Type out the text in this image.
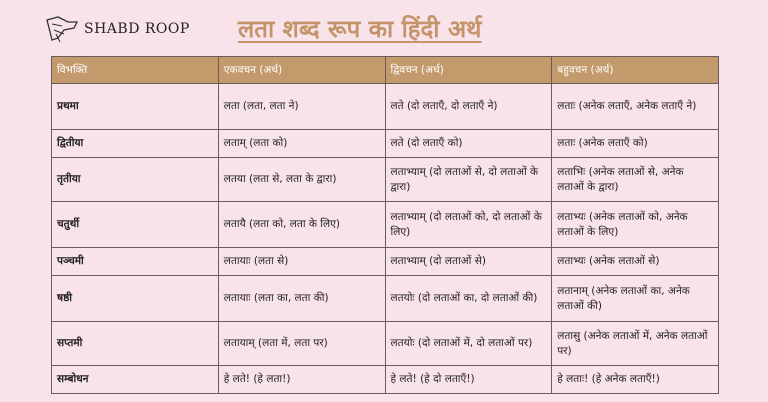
SHABD ROOP लता शब्द रूप का हिंदी अर्थ
विभक्ति	एकवचन (अर्थ)	द्विवचन (अर्थ)	बहुवचन (अर्थ)
प्रथमा	लता (लता, लता ने)	लते (दो लताएँ, दो लताएँ ने)	लताः (अनेक लताएँ, अनेक लताएँ ने)
द्वितीया	लताम् (लता को)	लते (दो लताएँ को)	लताः (अनेक लताएँ को)
तृतीया	लतया (लता से, लता के द्वारा)	लताभ्याम् (दो लताओं से, दो लताओं के द्वारा)	लताभिः (अनेक लताओं से, अनेक लताओं के द्वारा)
चतुर्थी	लतायै (लता को, लता के लिए)	लताभ्याम् (दो लताओं को, दो लताओं के लिए)	लताभ्यः (अनेक लताओं को, अनेक लताओं के लिए)
पञ्चमी	लतायाः (लता से)	लताभ्याम् (दो लताओं से)	लताभ्यः (अनेक लताओं से)
षष्ठी	लतायाः (लता का, लता की)	लतयोः (दो लताओं का, दो लताओं की)	लतानाम् (अनेक लताओं का, अनेक लताओं की)
सप्तमी	लतायाम् (लता में, लता पर)	लतयोः (दो लताओं में, दो लताओं पर)	लतासु (अनेक लताओं में, अनेक लताओं पर)
सम्बोधन	हे लते! (हे लता!)	हे लते! (हे दो लताएँ!)	हे लताः! (हे अनेक लताएँ!)
